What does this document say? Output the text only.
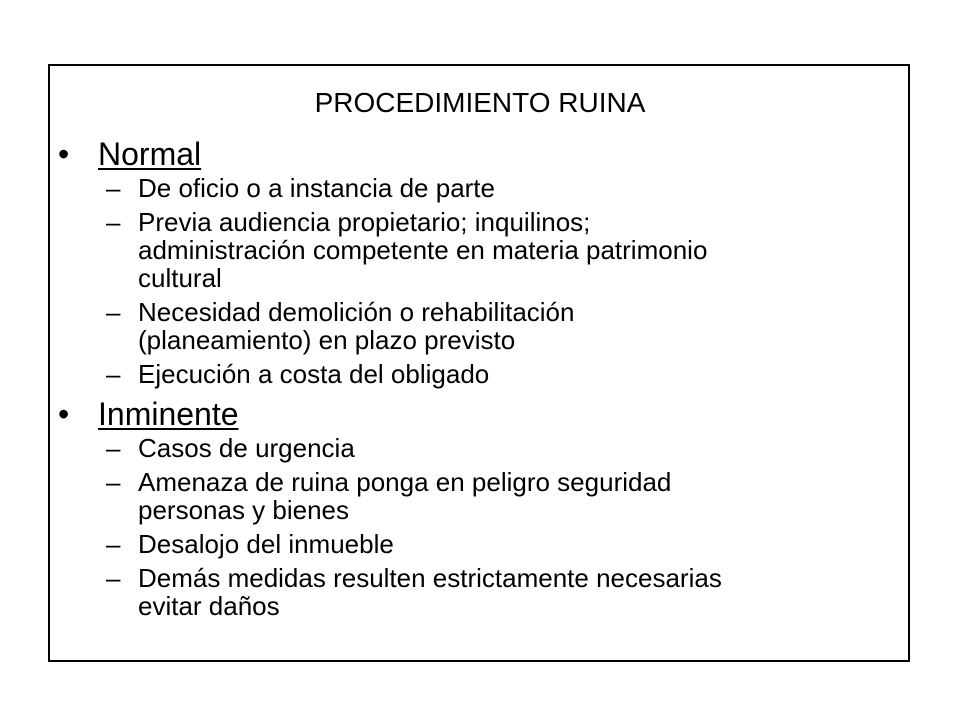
PROCEDIMIENTO RUINA
• Normal
– De oficio o a instancia de parte
– Previa audiencia propietario; inquilinos;
administración competente en materia patrimonio
cultural
– Necesidad demolición o rehabilitación
(planeamiento) en plazo previsto
– Ejecución a costa del obligado
• Inminente
– Casos de urgencia
– Amenaza de ruina ponga en peligro seguridad
personas y bienes
– Desalojo del inmueble
– Demás medidas resulten estrictamente necesarias
evitar daños
